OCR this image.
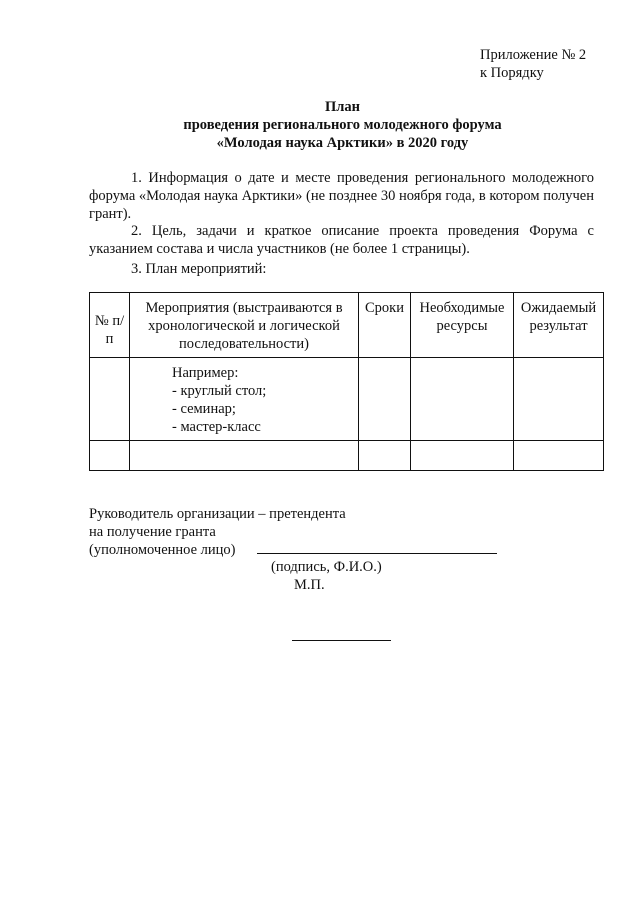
Приложение № 2
к Порядку
План
проведения регионального молодежного форума
«Молодая наука Арктики» в 2020 году
1. Информация о дате и месте проведения регионального молодежного форума «Молодая наука Арктики» (не позднее 30 ноября года, в котором получен грант).
2. Цель, задачи и краткое описание проекта проведения Форума с указанием состава и числа участников (не более 1 страницы).
3. План мероприятий:
№ п/п	Мероприятия (выстраиваются в хронологической и логической последовательности)	Сроки	Необходимые ресурсы	Ожидаемый результат

	Например:
- круглый стол;
- семинар;
- мастер-класс			

Руководитель организации – претендента
на получение гранта
(уполномоченное лицо)
(подпись, Ф.И.О.)
М.П.
